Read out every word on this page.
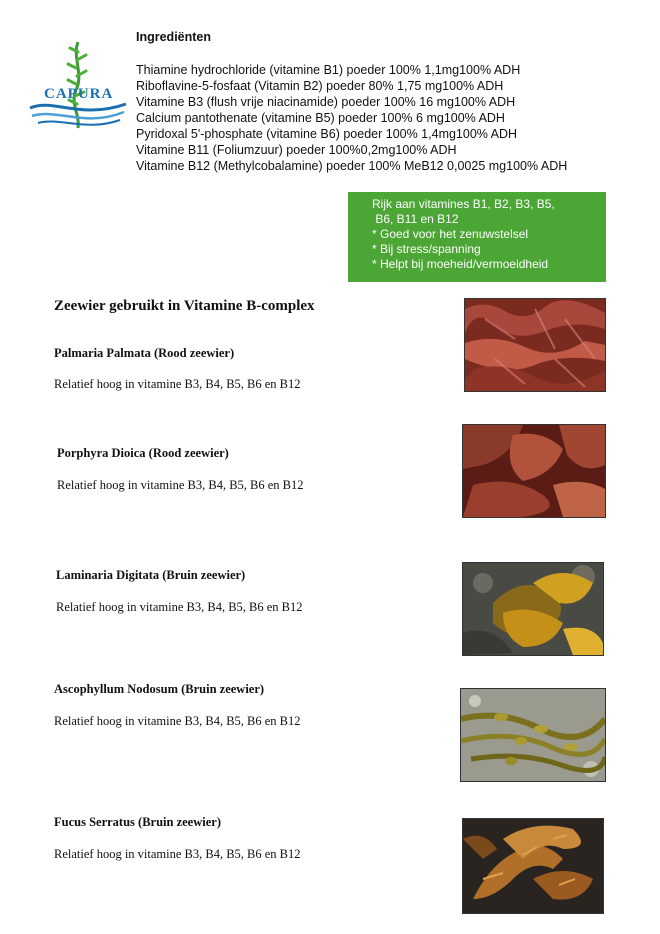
CAPURA
Ingrediënten
Thiamine hydrochloride (vitamine B1) poeder 100% 1,1mg100% ADH
Riboflavine-5-fosfaat (Vitamin B2) poeder 80% 1,75 mg100% ADH
Vitamine B3 (flush vrije niacinamide) poeder 100% 16 mg100% ADH
Calcium pantothenate (vitamine B5) poeder 100% 6 mg100% ADH
Pyridoxal 5'-phosphate (vitamine B6) poeder 100% 1,4mg100% ADH
Vitamine B11 (Foliumzuur) poeder 100%0,2mg100% ADH
Vitamine B12 (Methylcobalamine) poeder 100% MeB12 0,0025 mg100% ADH
Rijk aan vitamines B1, B2, B3, B5,
B6, B11 en B12
* Goed voor het zenuwstelsel
* Bij stress/spanning
* Helpt bij moeheid/vermoeidheid
Zeewier gebruikt in Vitamine B-complex
Palmaria Palmata (Rood zeewier)
Relatief hoog in vitamine B3, B4, B5, B6 en B12
Porphyra Dioica (Rood zeewier)
Relatief hoog in vitamine B3, B4, B5, B6 en B12
Laminaria Digitata (Bruin zeewier)
Relatief hoog in vitamine B3, B4, B5, B6 en B12
Ascophyllum Nodosum (Bruin zeewier)
Relatief hoog in vitamine B3, B4, B5, B6 en B12
Fucus Serratus (Bruin zeewier)
Relatief hoog in vitamine B3, B4, B5, B6 en B12
